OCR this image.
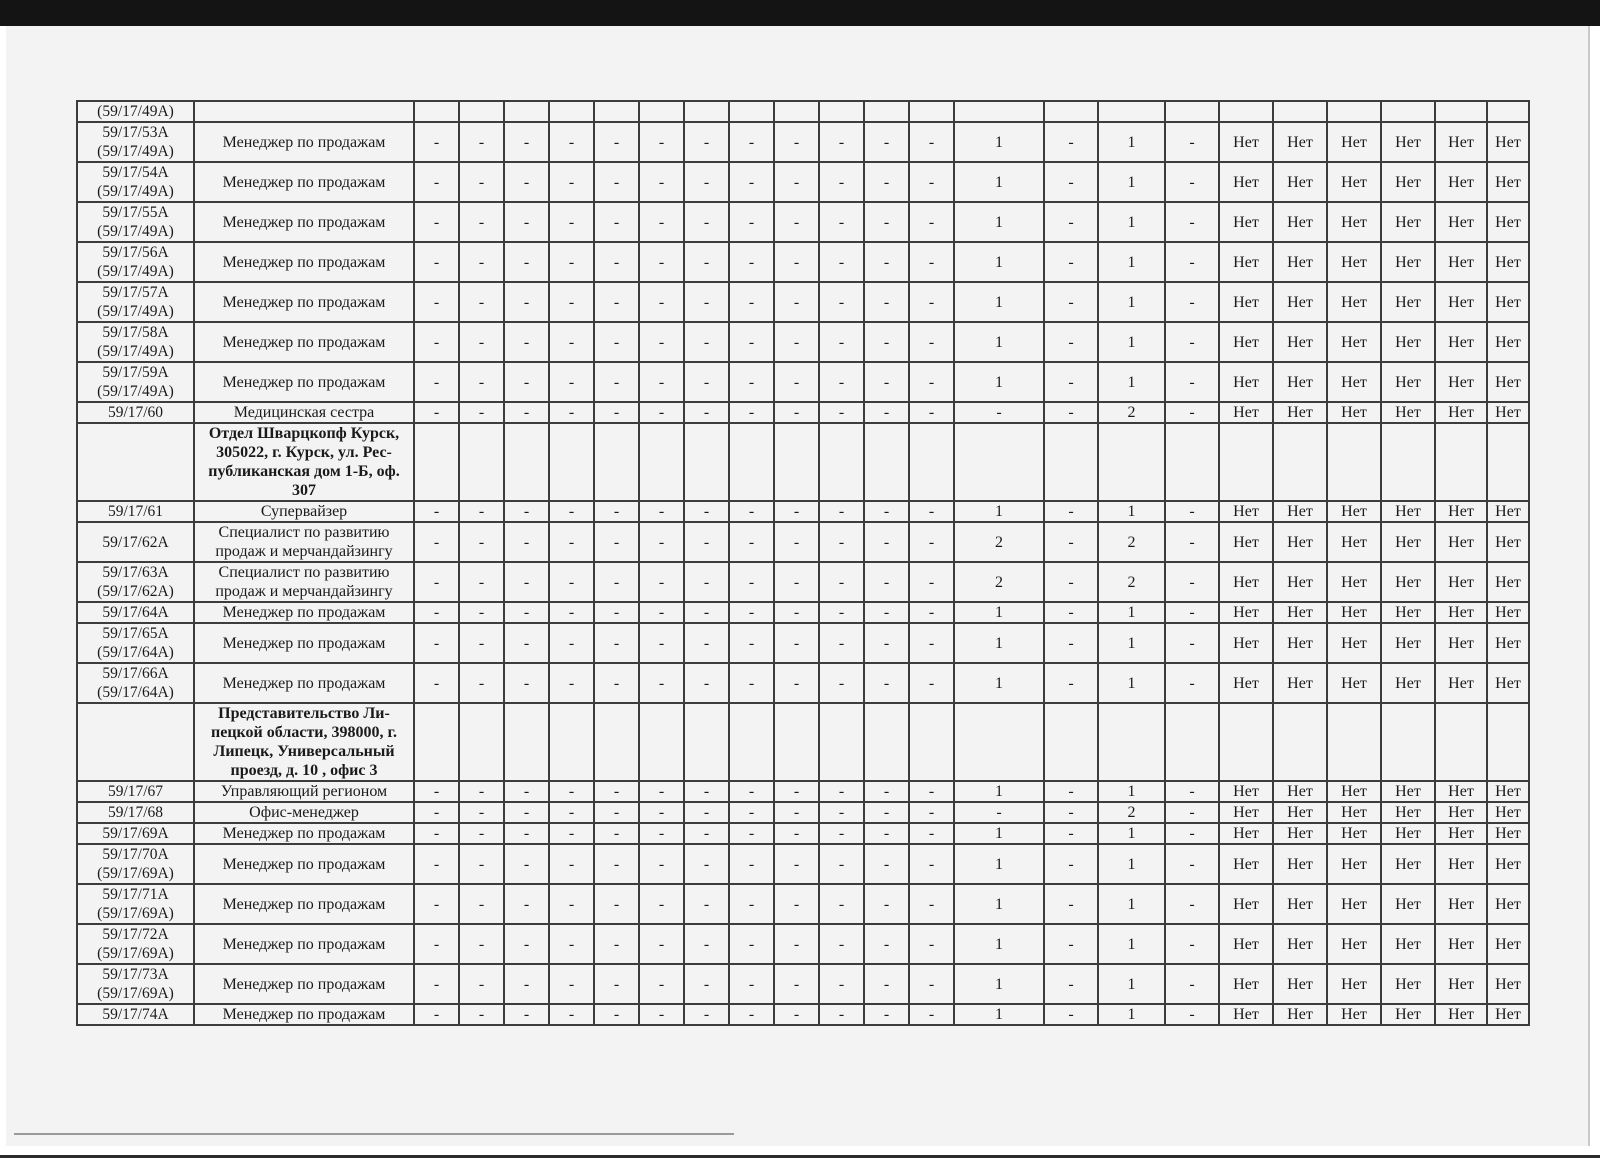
(59/17/49A)																							
59/17/53A
(59/17/49A)	Менеджер по продажам	-	-	-	-	-	-	-	-	-	-	-	-	1	-	1	-	Нет	Нет	Нет	Нет	Нет	Нет
59/17/54A
(59/17/49A)	Менеджер по продажам	-	-	-	-	-	-	-	-	-	-	-	-	1	-	1	-	Нет	Нет	Нет	Нет	Нет	Нет
59/17/55A
(59/17/49A)	Менеджер по продажам	-	-	-	-	-	-	-	-	-	-	-	-	1	-	1	-	Нет	Нет	Нет	Нет	Нет	Нет
59/17/56A
(59/17/49A)	Менеджер по продажам	-	-	-	-	-	-	-	-	-	-	-	-	1	-	1	-	Нет	Нет	Нет	Нет	Нет	Нет
59/17/57A
(59/17/49A)	Менеджер по продажам	-	-	-	-	-	-	-	-	-	-	-	-	1	-	1	-	Нет	Нет	Нет	Нет	Нет	Нет
59/17/58A
(59/17/49A)	Менеджер по продажам	-	-	-	-	-	-	-	-	-	-	-	-	1	-	1	-	Нет	Нет	Нет	Нет	Нет	Нет
59/17/59A
(59/17/49A)	Менеджер по продажам	-	-	-	-	-	-	-	-	-	-	-	-	1	-	1	-	Нет	Нет	Нет	Нет	Нет	Нет
59/17/60	Медицинская сестра	-	-	-	-	-	-	-	-	-	-	-	-	-	-	2	-	Нет	Нет	Нет	Нет	Нет	Нет
	Отдел Шварцкопф Курск, 305022, г. Курск, ул. Рес-публиканская дом 1-Б, оф. 307																						
59/17/61	Супервайзер	-	-	-	-	-	-	-	-	-	-	-	-	1	-	1	-	Нет	Нет	Нет	Нет	Нет	Нет
59/17/62A	Специалист по развитию продаж и мерчандайзингу	-	-	-	-	-	-	-	-	-	-	-	-	2	-	2	-	Нет	Нет	Нет	Нет	Нет	Нет
59/17/63A
(59/17/62A)	Специалист по развитию продаж и мерчандайзингу	-	-	-	-	-	-	-	-	-	-	-	-	2	-	2	-	Нет	Нет	Нет	Нет	Нет	Нет
59/17/64A	Менеджер по продажам	-	-	-	-	-	-	-	-	-	-	-	-	1	-	1	-	Нет	Нет	Нет	Нет	Нет	Нет
59/17/65A
(59/17/64A)	Менеджер по продажам	-	-	-	-	-	-	-	-	-	-	-	-	1	-	1	-	Нет	Нет	Нет	Нет	Нет	Нет
59/17/66A
(59/17/64A)	Менеджер по продажам	-	-	-	-	-	-	-	-	-	-	-	-	1	-	1	-	Нет	Нет	Нет	Нет	Нет	Нет
	Представительство Ли-пецкой области, 398000, г. Липецк, Универсальный проезд, д. 10 , офис 3																						
59/17/67	Управляющий регионом	-	-	-	-	-	-	-	-	-	-	-	-	1	-	1	-	Нет	Нет	Нет	Нет	Нет	Нет
59/17/68	Офис-менеджер	-	-	-	-	-	-	-	-	-	-	-	-	-	-	2	-	Нет	Нет	Нет	Нет	Нет	Нет
59/17/69A	Менеджер по продажам	-	-	-	-	-	-	-	-	-	-	-	-	1	-	1	-	Нет	Нет	Нет	Нет	Нет	Нет
59/17/70A
(59/17/69A)	Менеджер по продажам	-	-	-	-	-	-	-	-	-	-	-	-	1	-	1	-	Нет	Нет	Нет	Нет	Нет	Нет
59/17/71A
(59/17/69A)	Менеджер по продажам	-	-	-	-	-	-	-	-	-	-	-	-	1	-	1	-	Нет	Нет	Нет	Нет	Нет	Нет
59/17/72A
(59/17/69A)	Менеджер по продажам	-	-	-	-	-	-	-	-	-	-	-	-	1	-	1	-	Нет	Нет	Нет	Нет	Нет	Нет
59/17/73A
(59/17/69A)	Менеджер по продажам	-	-	-	-	-	-	-	-	-	-	-	-	1	-	1	-	Нет	Нет	Нет	Нет	Нет	Нет
59/17/74A	Менеджер по продажам	-	-	-	-	-	-	-	-	-	-	-	-	1	-	1	-	Нет	Нет	Нет	Нет	Нет	Нет
